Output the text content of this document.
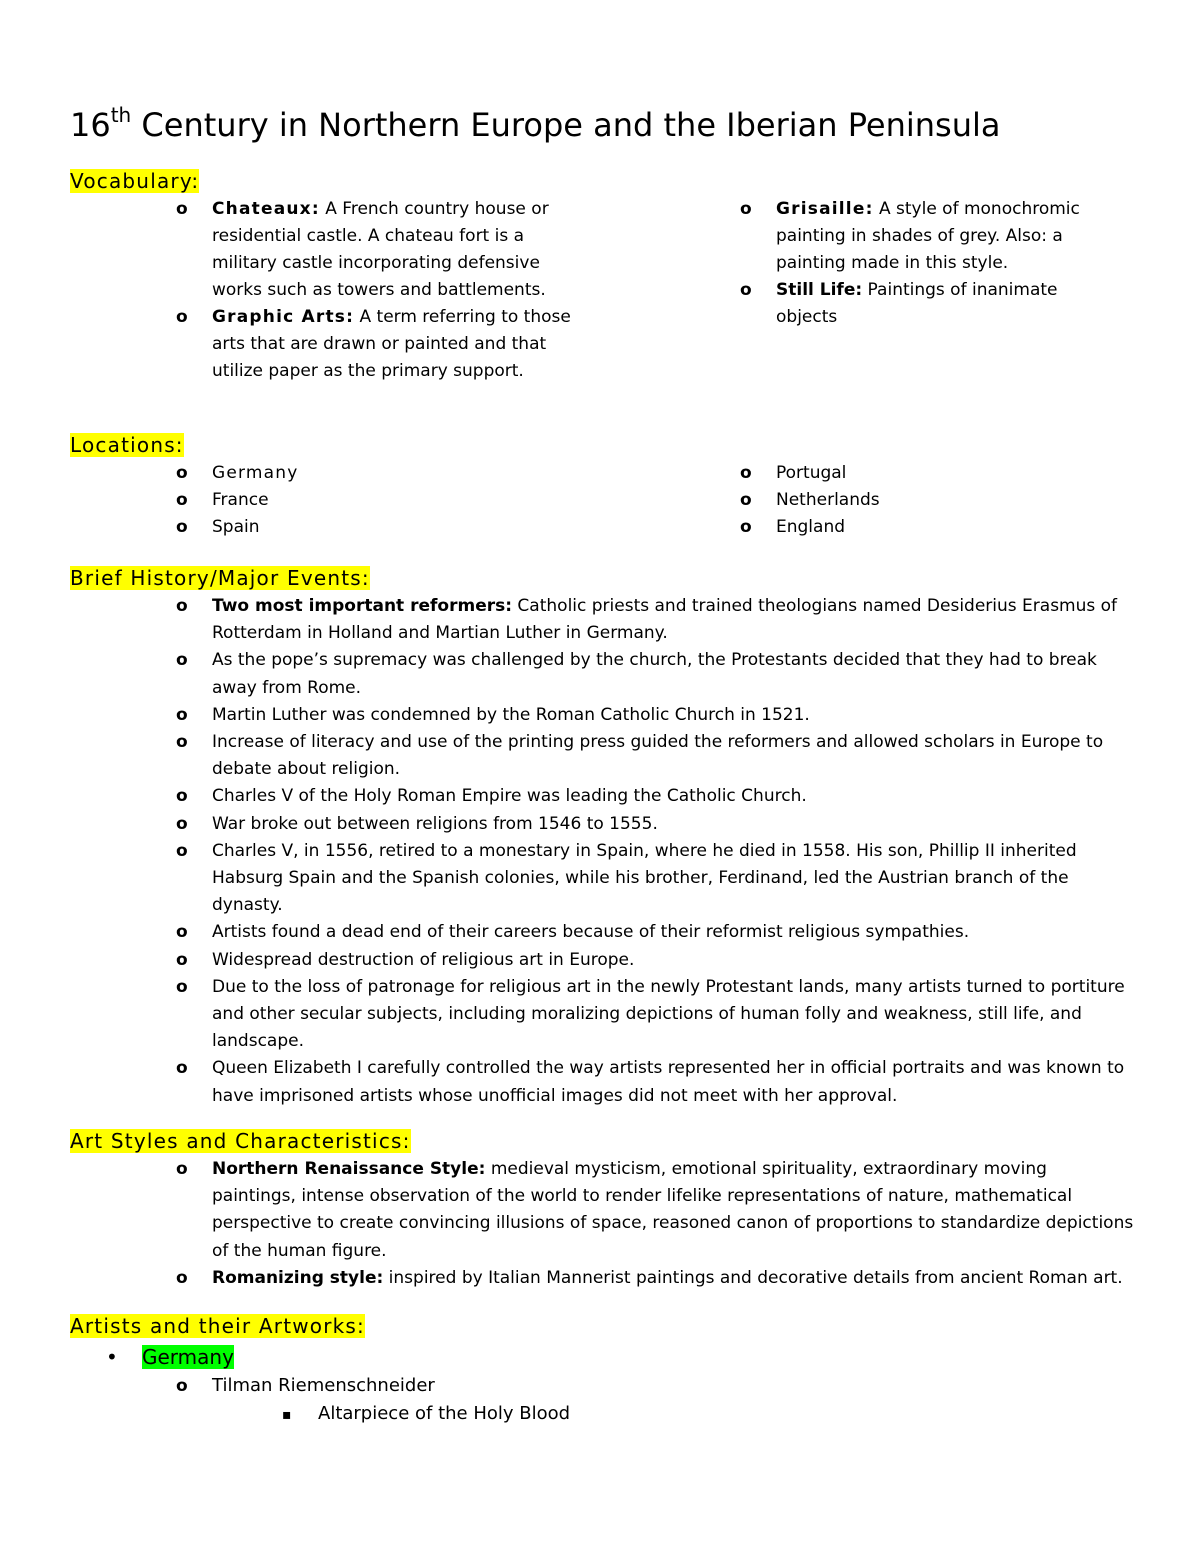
16th Century in Northern Europe and the Iberian Peninsula
Vocabulary:
o Chateaux: A French country house or residential castle. A chateau fort is a military castle incorporating defensive works such as towers and battlements.
o Graphic Arts: A term referring to those arts that are drawn or painted and that utilize paper as the primary support.
o Grisaille: A style of monochromic painting in shades of grey. Also: a painting made in this style.
o Still Life: Paintings of inanimate objects
Locations:
o Germany
o France
o Spain
o Portugal
o Netherlands
o England
Brief History/Major Events:
o Two most important reformers: Catholic priests and trained theologians named Desiderius Erasmus of Rotterdam in Holland and Martian Luther in Germany.
o As the pope’s supremacy was challenged by the church, the Protestants decided that they had to break away from Rome.
o Martin Luther was condemned by the Roman Catholic Church in 1521.
o Increase of literacy and use of the printing press guided the reformers and allowed scholars in Europe to debate about religion.
o Charles V of the Holy Roman Empire was leading the Catholic Church.
o War broke out between religions from 1546 to 1555.
o Charles V, in 1556, retired to a monestary in Spain, where he died in 1558. His son, Phillip II inherited Habsurg Spain and the Spanish colonies, while his brother, Ferdinand, led the Austrian branch of the dynasty.
o Artists found a dead end of their careers because of their reformist religious sympathies.
o Widespread destruction of religious art in Europe.
o Due to the loss of patronage for religious art in the newly Protestant lands, many artists turned to portiture and other secular subjects, including moralizing depictions of human folly and weakness, still life, and landscape.
o Queen Elizabeth I carefully controlled the way artists represented her in official portraits and was known to have imprisoned artists whose unofficial images did not meet with her approval.
Art Styles and Characteristics:
o Northern Renaissance Style: medieval mysticism, emotional spirituality, extraordinary moving paintings, intense observation of the world to render lifelike representations of nature, mathematical perspective to create convincing illusions of space, reasoned canon of proportions to standardize depictions of the human figure.
o Romanizing style: inspired by Italian Mannerist paintings and decorative details from ancient Roman art.
Artists and their Artworks:
• Germany
o Tilman Riemenschneider
▪ Altarpiece of the Holy Blood
